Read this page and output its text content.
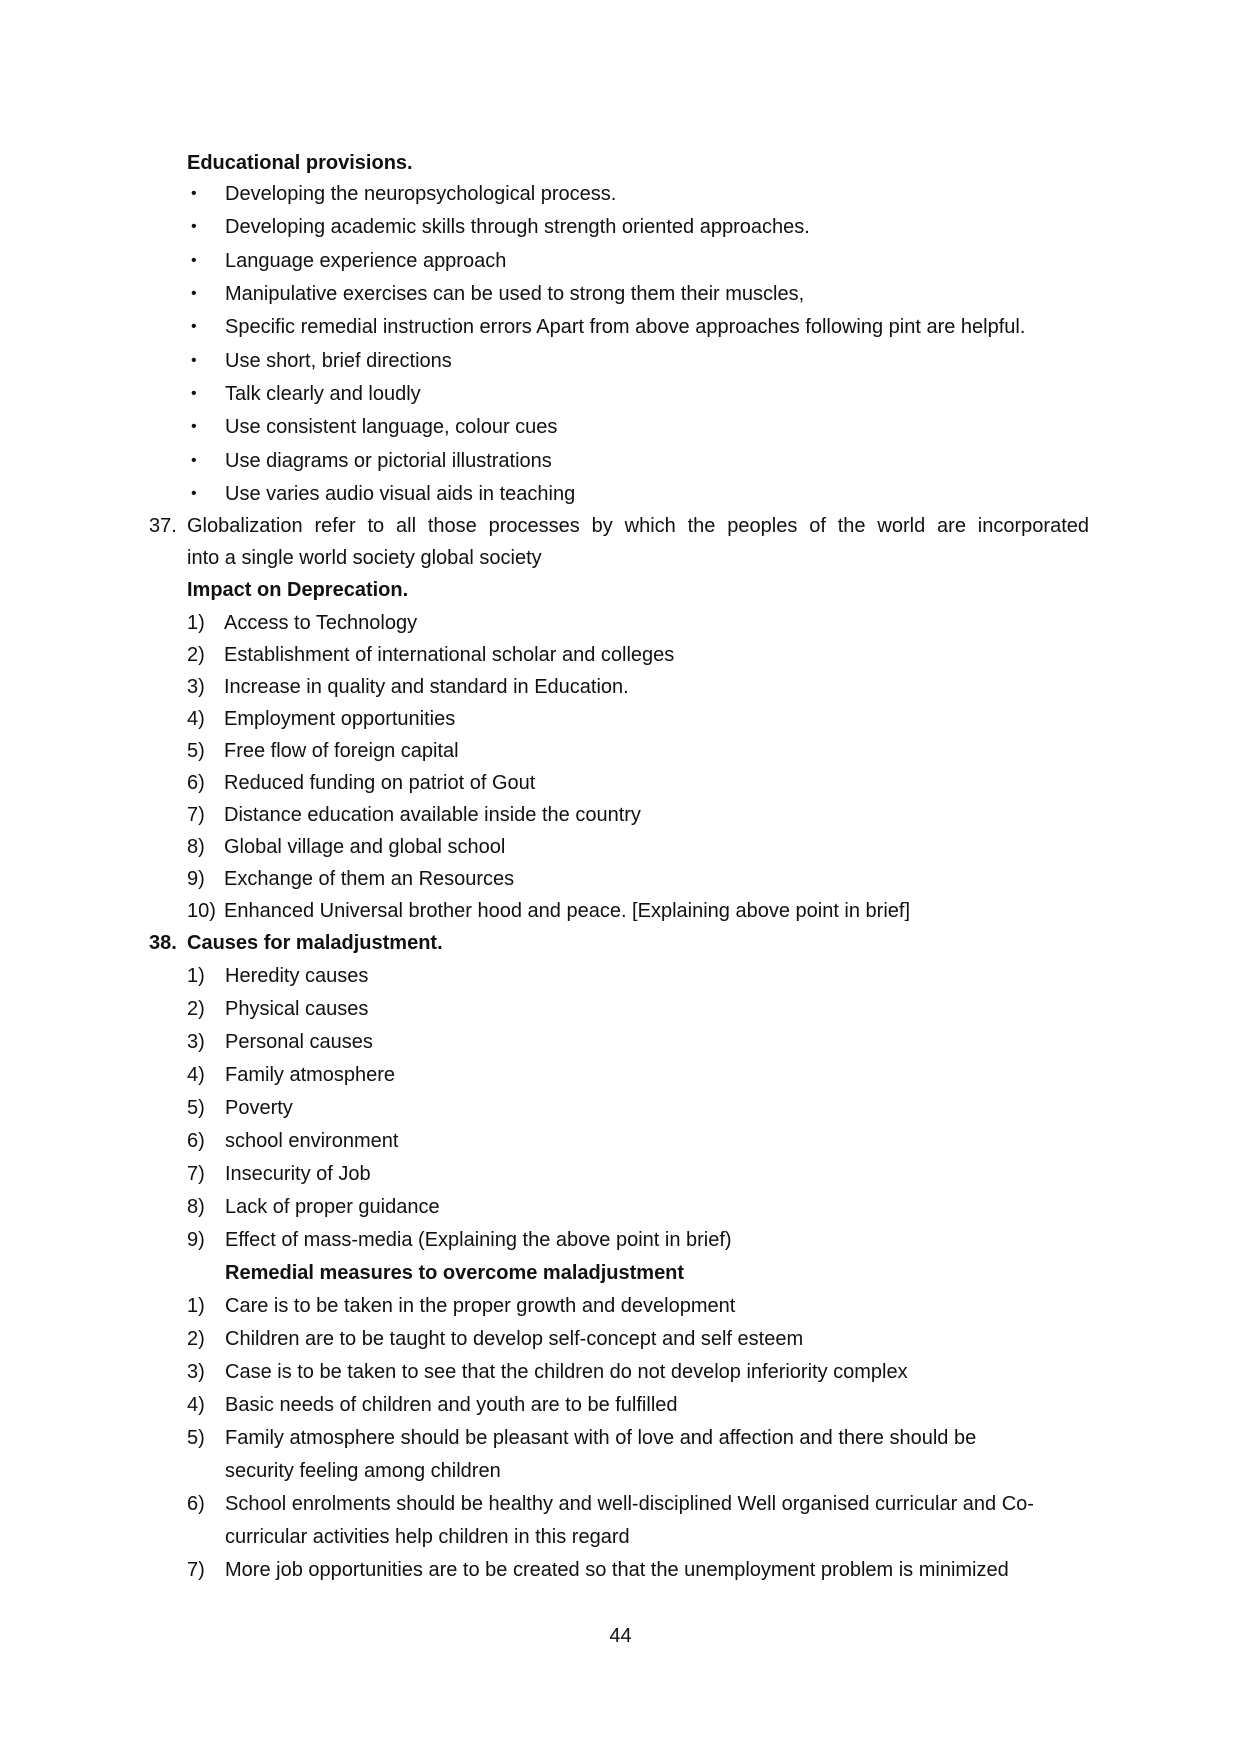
Educational provisions.
• Developing the neuropsychological process.
• Developing academic skills through strength oriented approaches.
• Language experience approach
• Manipulative exercises can be used to strong them their muscles,
• Specific remedial instruction errors Apart from above approaches following pint are helpful.
• Use short, brief directions
• Talk clearly and loudly
• Use consistent language, colour cues
• Use diagrams or pictorial illustrations
• Use varies audio visual aids in teaching
37. Globalization refer to all those processes by which the peoples of the world are incorporated
into a single world society global society
Impact on Deprecation.
1) Access to Technology
2) Establishment of international scholar and colleges
3) Increase in quality and standard in Education.
4) Employment opportunities
5) Free flow of foreign capital
6) Reduced funding on patriot of Gout
7) Distance education available inside the country
8) Global village and global school
9) Exchange of them an Resources
10) Enhanced Universal brother hood and peace. [Explaining above point in brief]
38. Causes for maladjustment.
1) Heredity causes
2) Physical causes
3) Personal causes
4) Family atmosphere
5) Poverty
6) school environment
7) Insecurity of Job
8) Lack of proper guidance
9) Effect of mass-media (Explaining the above point in brief)
Remedial measures to overcome maladjustment
1) Care is to be taken in the proper growth and development
2) Children are to be taught to develop self-concept and self esteem
3) Case is to be taken to see that the children do not develop inferiority complex
4) Basic needs of children and youth are to be fulfilled
5) Family atmosphere should be pleasant with of love and affection and there should be
security feeling among children
6) School enrolments should be healthy and well-disciplined Well organised curricular and Co-
curricular activities help children in this regard
7) More job opportunities are to be created so that the unemployment problem is minimized
44
